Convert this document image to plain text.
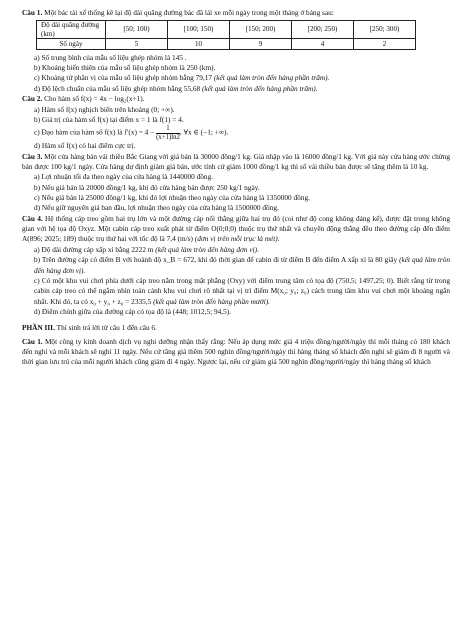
Câu 1. Một bác tài xế thống kê lại độ dài quãng đường bác đã lái xe mỗi ngày trong một tháng ở bảng sau:

Độ dài quãng đường (km)	[50; 100)	[100; 150)	[150; 200)	[200; 250)	[250; 300)
Số ngày	5	10	9	4	2

a) Số trung bình của mẫu số liệu ghép nhóm là 145 .

b) Khoảng biến thiên của mẫu số liệu ghép nhóm là 250 (km).

c) Khoảng tứ phân vị của mẫu số liệu ghép nhóm bằng 79,17 (kết quả làm tròn đến hàng phần trăm).

d) Độ lệch chuẩn của mẫu số liệu ghép nhóm bằng 55,68 (kết quả làm tròn đến hàng phần trăm).

Câu 2. Cho hàm số f(x) = 4x − log₂(x+1).

a) Hàm số f(x) nghịch biến trên khoảng (0; +∞).

b) Giá trị của hàm số f(x) tại điểm x = 1 là f(1) = 4.

c) Đạo hàm của hàm số f(x) là $f'(x) = 4 - \frac{1}{(x+1)\ln 2}$ , ∀x ∈ (−1; +∞).

d) Hàm số f(x) có hai điểm cực trị.

Câu 3. Một cửa hàng bán vải thiều Bắc Giang với giá bán là 30000 đồng/1 kg. Giá nhập vào là 16000 đồng/1 kg. Với giá này cửa hàng ước chừng bán được 100 kg/1 ngày. Cửa hàng dự định giảm giá bán, ước tính cứ giảm 1000 đồng/1 kg thì số vải thiều bán được sẽ tăng thêm là 10 kg.

a) Lợi nhuận tối đa theo ngày của cửa hàng là 1440000 đồng.

b) Nếu giá bán là 20000 đồng/1 kg, khi đó cửa hàng bán được 250 kg/1 ngày.

c) Nếu giá bán là 25000 đồng/1 kg, khi đó lợi nhuận theo ngày của cửa hàng là 1350000 đồng.

d) Nếu giữ nguyên giá ban đầu, lợi nhuận theo ngày của cửa hàng là 1500000 đồng.

Câu 4. Hệ thống cáp treo gồm hai trụ lớn và một đường cáp nối thẳng giữa hai trụ đó (coi như độ cong không đáng kể), được đặt trong không gian với hệ tọa độ Oxyz. Một cabin cáp treo xuất phát từ điểm O(0;0;0) thuộc trụ thứ nhất và chuyển động thẳng đều theo đường cáp đến điểm A(896; 2025; 189) thuộc trụ thứ hai với tốc độ là 7,4 (m/s) (đơn vị trên mỗi trục là mét).

a) Độ dài đường cáp xấp xỉ bằng 2222 m (kết quả làm tròn đến hàng đơn vị).

b) Trên đường cáp có điểm B với hoành độ x_B = 672, khi đó thời gian để cabin đi từ điểm B đến điểm A xấp xỉ là 80 giây (kết quả làm tròn đến hàng đơn vị).

c) Có một khu vui chơi phía dưới cáp treo nằm trong mặt phẳng (Oxy) với điểm trung tâm có tọa độ (750,5; 1497,25; 0). Biết rằng từ trong cabin cáp treo có thể ngắm nhìn toàn cảnh khu vui chơi rõ nhất tại vị trí điểm M(x₀; y₀; z₀) cách trung tâm khu vui chơi một khoảng ngắn nhất. Khi đó, ta có x₀ + y₀ + z₀ = 2335,5 (kết quả làm tròn đến hàng phần mười).

d) Điểm chính giữa của đường cáp có tọa độ là (448; 1012,5; 94,5).

PHẦN III. Thí sinh trả lời từ câu 1 đến câu 6.

Câu 1. Một công ty kinh doanh dịch vụ nghỉ dưỡng nhận thấy rằng: Nếu áp dụng mức giá 4 triệu đồng/người/ngày thì mỗi tháng có 180 khách đến nghỉ và mỗi khách sẽ nghỉ 11 ngày. Nếu cứ tăng giá thêm 500 nghìn đồng/người/ngày thì hàng tháng số khách đến nghỉ sẽ giảm đi 8 người và thời gian lưu trú của mỗi người khách cũng giảm đi 4 ngày. Ngược lại, nếu cứ giảm giá 500 nghìn đồng/người/ngày thì hàng tháng số khách
